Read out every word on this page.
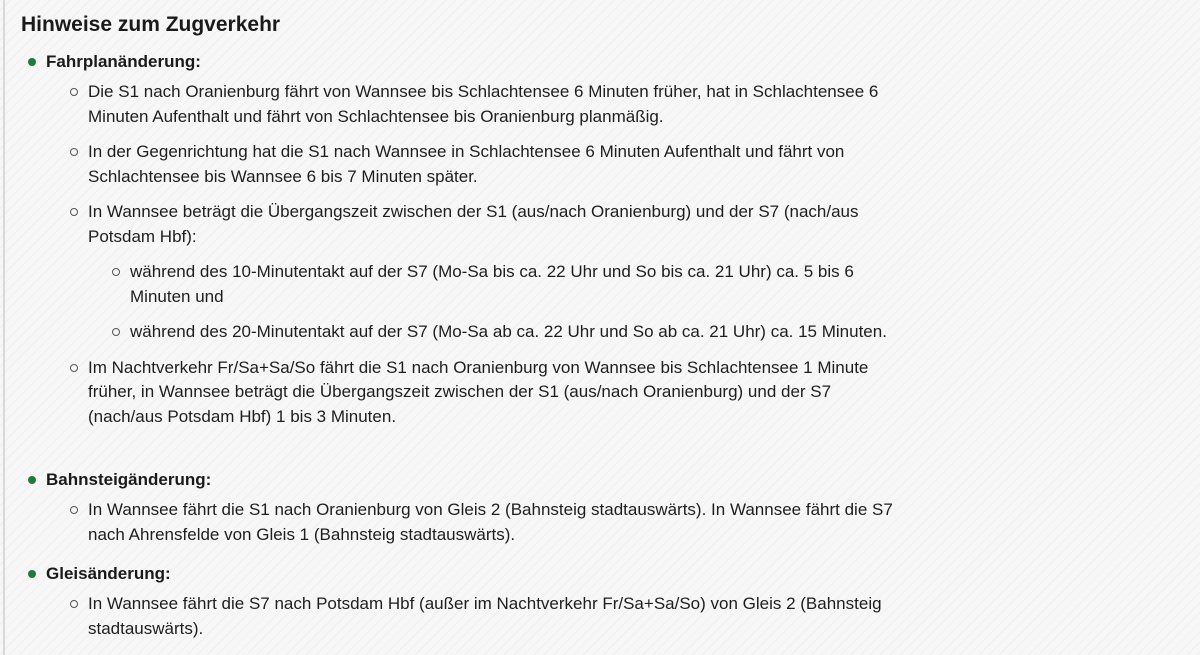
Hinweise zum Zugverkehr
Fahrplanänderung:
Die S1 nach Oranienburg fährt von Wannsee bis Schlachtensee 6 Minuten früher, hat in Schlachtensee 6 Minuten Aufenthalt und fährt von Schlachtensee bis Oranienburg planmäßig.
In der Gegenrichtung hat die S1 nach Wannsee in Schlachtensee 6 Minuten Aufenthalt und fährt von Schlachtensee bis Wannsee 6 bis 7 Minuten später.
In Wannsee beträgt die Übergangszeit zwischen der S1 (aus/nach Oranienburg) und der S7 (nach/aus Potsdam Hbf):
während des 10-Minutentakt auf der S7 (Mo-Sa bis ca. 22 Uhr und So bis ca. 21 Uhr) ca. 5 bis 6 Minuten und
während des 20-Minutentakt auf der S7 (Mo-Sa ab ca. 22 Uhr und So ab ca. 21 Uhr) ca. 15 Minuten.
Im Nachtverkehr Fr/Sa+Sa/So fährt die S1 nach Oranienburg von Wannsee bis Schlachtensee 1 Minute früher, in Wannsee beträgt die Übergangszeit zwischen der S1 (aus/nach Oranienburg) und der S7 (nach/aus Potsdam Hbf) 1 bis 3 Minuten.
Bahnsteigänderung:
In Wannsee fährt die S1 nach Oranienburg von Gleis 2 (Bahnsteig stadtauswärts). In Wannsee fährt die S7 nach Ahrensfelde von Gleis 1 (Bahnsteig stadtauswärts).
Gleisänderung:
In Wannsee fährt die S7 nach Potsdam Hbf (außer im Nachtverkehr Fr/Sa+Sa/So) von Gleis 2 (Bahnsteig stadtauswärts).
